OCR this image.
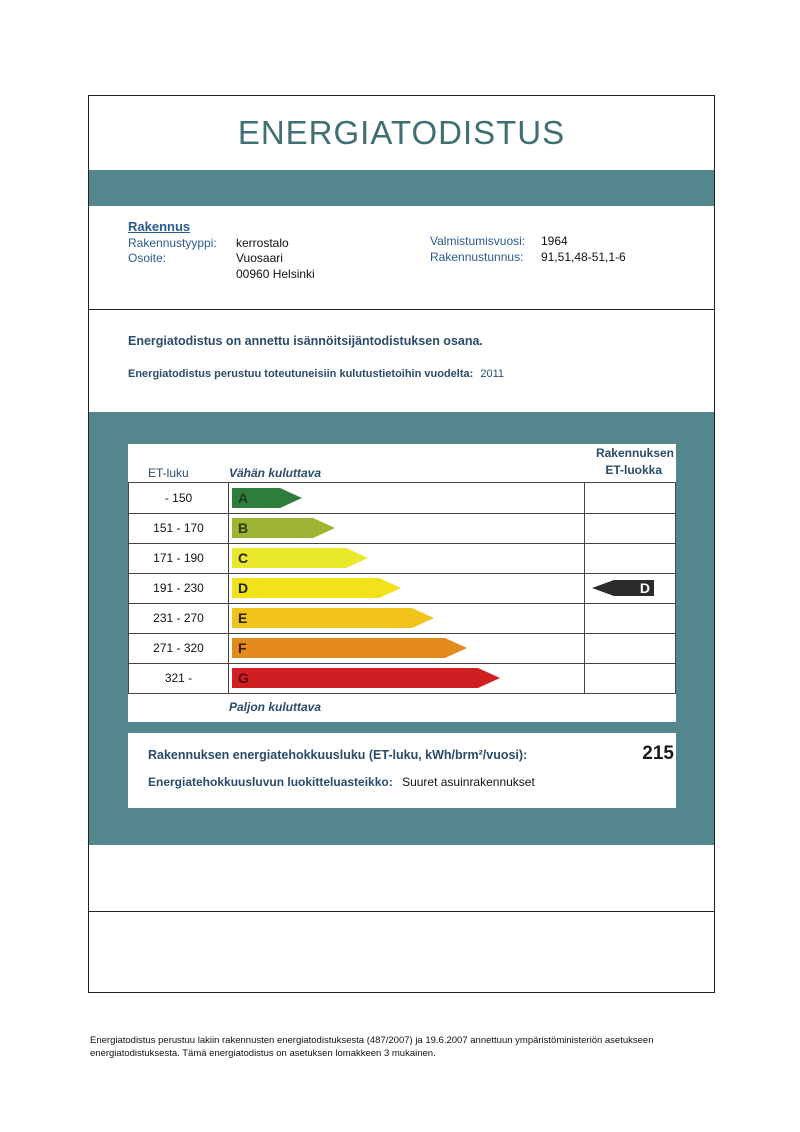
ENERGIATODISTUS
Rakennus
Rakennustyyppi: kerrostalo
Osoite:	Vuosaari
00960 Helsinki
Valmistumisvuosi: 1964
Rakennustunnus: 91,51,48-51,1-6
Energiatodistus on annettu isännöitsijäntodistuksen osana.
Energiatodistus perustuu toteutuneisiin kulutustietoihin vuodelta: 2011
Rakennuksen
ET-luokka
ET-luku	Vähän kuluttava
- 150	A
151 - 170	B
171 - 190	C
191 - 230	D	D
231 - 270	E
271 - 320	F
321 -	G
Paljon kuluttava
Rakennuksen energiatehokkuusluku (ET-luku, kWh/brm²/vuosi):	215
Energiatehokkuusluvun luokitteluasteikko: Suuret asuinrakennukset
Energiatodistus perustuu lakiin rakennusten energiatodistuksesta (487/2007) ja 19.6.2007 annettuun ympäristöministeriön asetukseen
energiatodistuksesta. Tämä energiatodistus on asetuksen lomakkeen 3 mukainen.
